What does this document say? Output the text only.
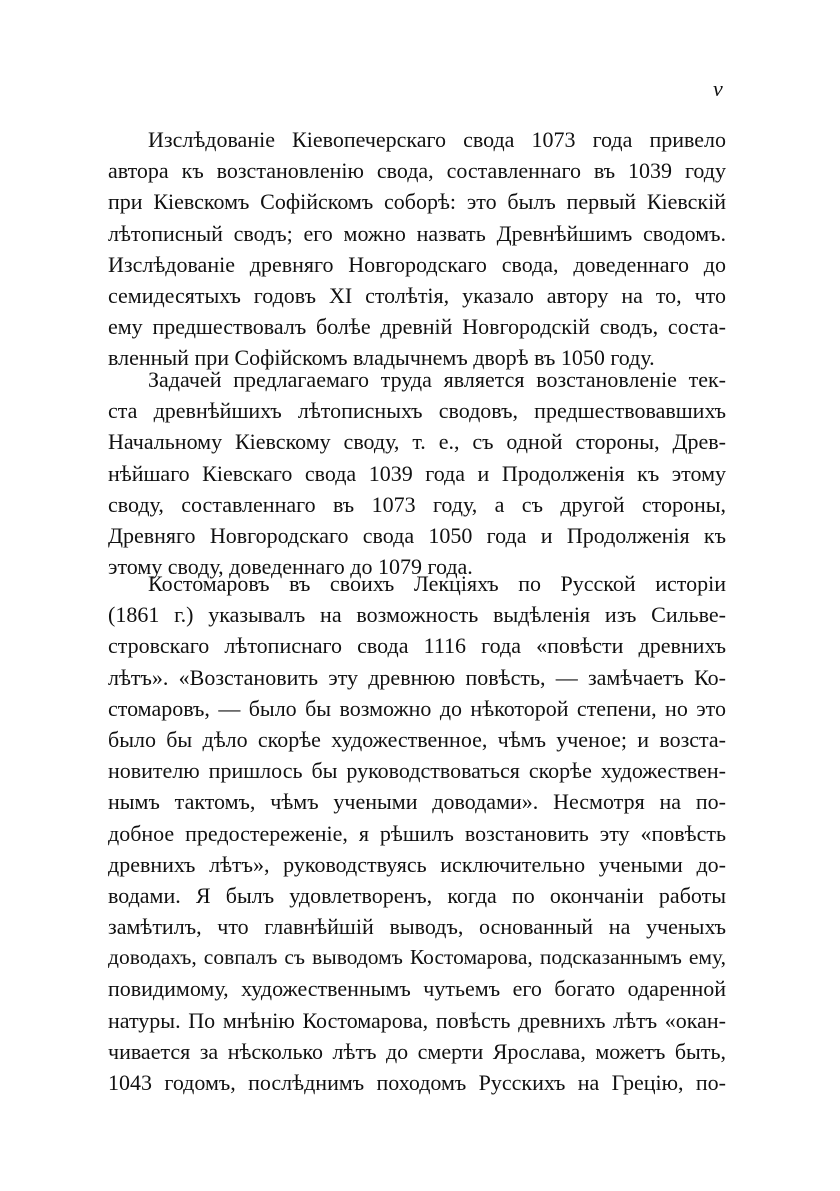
v
Изслѣдованіе Кіевопечерскаго свода 1073 года привело
автора къ возстановленію свода, составленнаго въ 1039 году
при Кіевскомъ Софійскомъ соборѣ: это былъ первый Кіевскій
лѣтописный сводъ; его можно назвать Древнѣйшимъ сводомъ.
Изслѣдованіе древняго Новгородскаго свода, доведеннаго до
семидесятыхъ годовъ XI столѣтія, указало автору на то, что
ему предшествовалъ болѣе древній Новгородскій сводъ, соста-
вленный при Софійскомъ владычнемъ дворѣ въ 1050 году.
Задачей предлагаемаго труда является возстановленіе тек-
ста древнѣйшихъ лѣтописныхъ сводовъ, предшествовавшихъ
Начальному Кіевскому своду, т. е., съ одной стороны, Древ-
нѣйшаго Кіевскаго свода 1039 года и Продолженія къ этому
своду, составленнаго въ 1073 году, а съ другой стороны,
Древняго Новгородскаго свода 1050 года и Продолженія къ
этому своду, доведеннаго до 1079 года.
Костомаровъ въ своихъ Лекціяхъ по Русской исторіи
(1861 г.) указывалъ на возможность выдѣленія изъ Сильве-
стровскаго лѣтописнаго свода 1116 года «повѣсти древнихъ
лѣтъ». «Возстановить эту древнюю повѣсть, — замѣчаетъ Ко-
стомаровъ, — было бы возможно до нѣкоторой степени, но это
было бы дѣло скорѣе художественное, чѣмъ ученое; и возста-
новителю пришлось бы руководствоваться скорѣе художествен-
нымъ тактомъ, чѣмъ учеными доводами». Несмотря на по-
добное предостереженіе, я рѣшилъ возстановить эту «повѣсть
древнихъ лѣтъ», руководствуясь исключительно учеными до-
водами. Я былъ удовлетворенъ, когда по окончаніи работы
замѣтилъ, что главнѣйшій выводъ, основанный на ученыхъ
доводахъ, совпалъ съ выводомъ Костомарова, подсказаннымъ ему,
повидимому, художественнымъ чутьемъ его богато одаренной
натуры. По мнѣнію Костомарова, повѣсть древнихъ лѣтъ «окан-
чивается за нѣсколько лѣтъ до смерти Ярослава, можетъ быть,
1043 годомъ, послѣднимъ походомъ Русскихъ на Грецію, по-
